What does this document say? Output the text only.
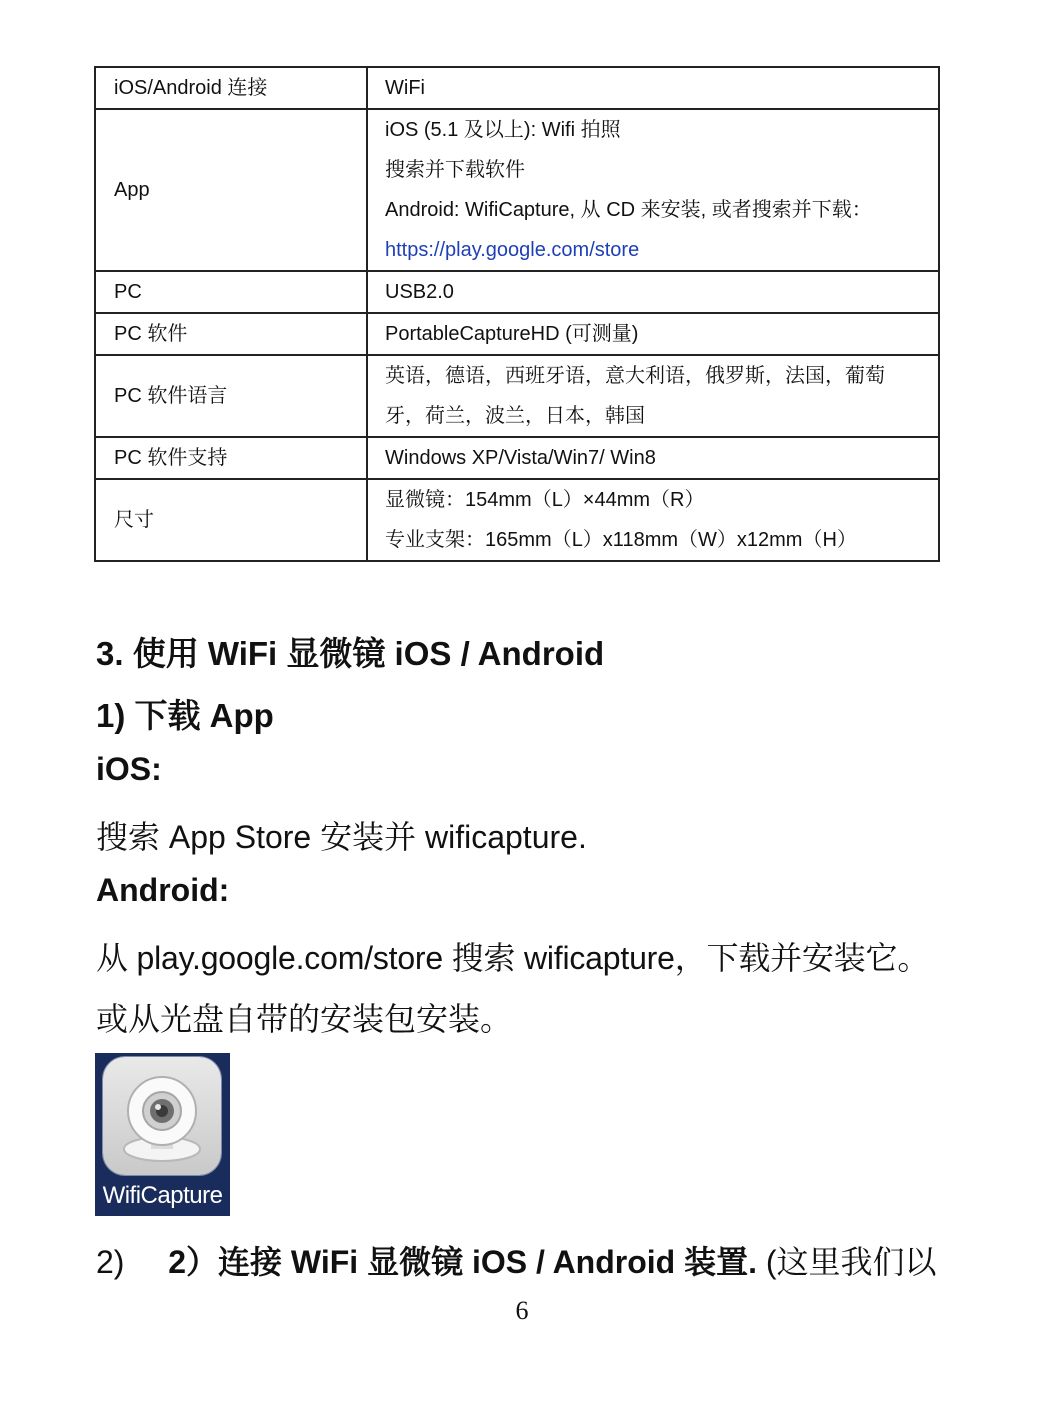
iOS/Android 连接	WiFi

App	iOS (5.1 及以上): Wifi 拍照
搜索并下载软件
Android: WifiCapture, 从 CD 来安装, 或者搜索并下载：
https://play.google.com/store

PC	USB2.0

PC 软件	PortableCaptureHD (可测量)

PC 软件语言	英语，德语，西班牙语，意大利语，俄罗斯，法国，葡萄
牙，荷兰，波兰，日本，韩国

PC 软件支持	Windows XP/Vista/Win7/ Win8

尺寸	显微镜：154mm（L）×44mm（R）
专业支架：165mm（L）x118mm（W）x12mm（H）
3. 使用 WiFi 显微镜 iOS / Android
1) 下载 App
iOS:
搜索 App Store 安装并 wificapture.
Android:
从 play.google.com/store 搜索 wificapture，下载并安装它。
或从光盘自带的安装包安装。
WifiCapture
2) 2）连接 WiFi 显微镜 iOS / Android 装置. (这里我们以
6
